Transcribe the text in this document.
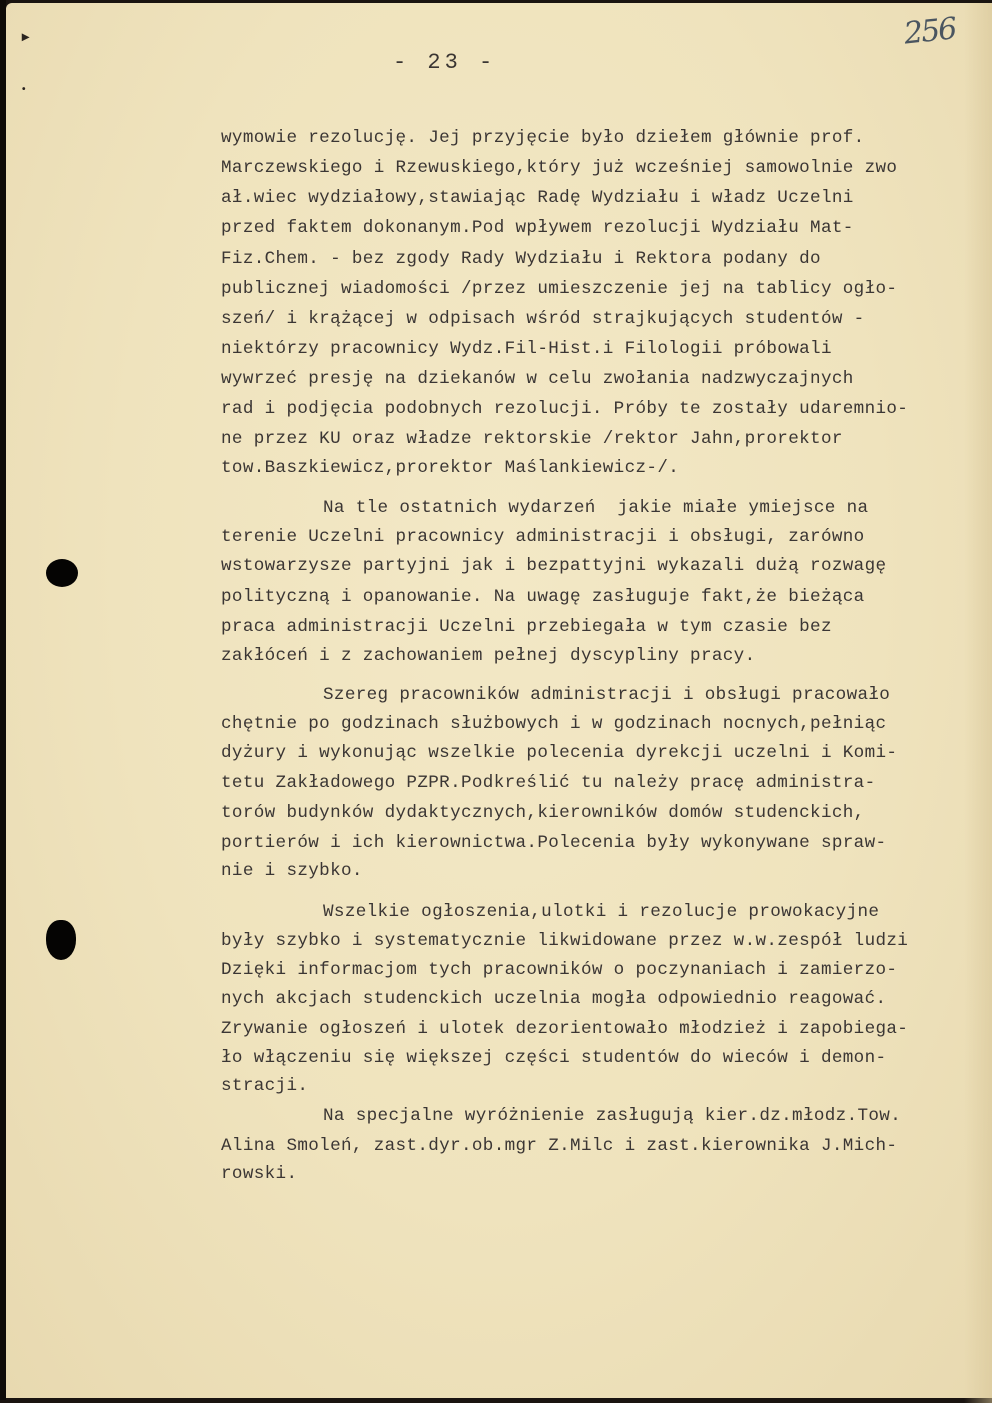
▸
•
256
- 23 -
wymowie rezolucję. Jej przyjęcie było dziełem głównie prof.
Marczewskiego i Rzewuskiego,który już wcześniej samowolnie zwo
ał.wiec wydziałowy,stawiając Radę Wydziału i władz Uczelni
przed faktem dokonanym.Pod wpływem rezolucji Wydziału Mat-
Fiz.Chem. - bez zgody Rady Wydziału i Rektora podany do
publicznej wiadomości /przez umieszczenie jej na tablicy ogło-
szeń/ i krążącej w odpisach wśród strajkujących studentów -
niektórzy pracownicy Wydz.Fil-Hist.i Filologii próbowali
wywrzeć presję na dziekanów w celu zwołania nadzwyczajnych
rad i podjęcia podobnych rezolucji. Próby te zostały udaremnio-
ne przez KU oraz władze rektorskie /rektor Jahn,prorektor
tow.Baszkiewicz,prorektor Maślankiewicz-/.
Na tle ostatnich wydarzeń  jakie miałe ymiejsce na
terenie Uczelni pracownicy administracji i obsługi, zarówno
wstowarzysze partyjni jak i bezpattyjni wykazali dużą rozwagę
polityczną i opanowanie. Na uwagę zasługuje fakt,że bieżąca
praca administracji Uczelni przebiegała w tym czasie bez
zakłóceń i z zachowaniem pełnej dyscypliny pracy.
Szereg pracowników administracji i obsługi pracowało
chętnie po godzinach służbowych i w godzinach nocnych,pełniąc
dyżury i wykonując wszelkie polecenia dyrekcji uczelni i Komi-
tetu Zakładowego PZPR.Podkreślić tu należy pracę administra-
torów budynków dydaktycznych,kierowników domów studenckich,
portierów i ich kierownictwa.Polecenia były wykonywane spraw-
nie i szybko.
Wszelkie ogłoszenia,ulotki i rezolucje prowokacyjne
były szybko i systematycznie likwidowane przez w.w.zespół ludzi
Dzięki informacjom tych pracowników o poczynaniach i zamierzo-
nych akcjach studenckich uczelnia mogła odpowiednio reagować.
Zrywanie ogłoszeń i ulotek dezorientowało młodzież i zapobiega-
ło włączeniu się większej części studentów do wieców i demon-
stracji.
Na specjalne wyróżnienie zasługują kier.dz.młodz.Tow.
Alina Smoleń, zast.dyr.ob.mgr Z.Milc i zast.kierownika J.Mich-
rowski.
